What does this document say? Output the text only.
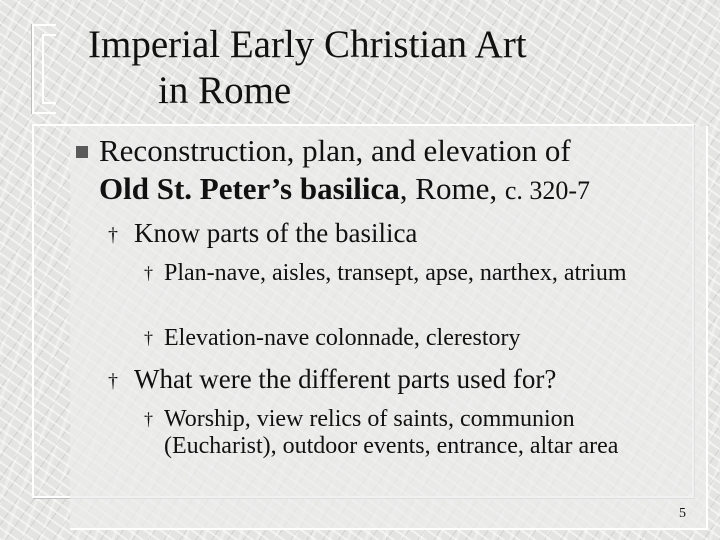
Imperial Early Christian Art
in Rome
Reconstruction, plan, and elevation of
Old St. Peter’s basilica, Rome, c. 320-7
† Know parts of the basilica
† Plan-nave, aisles, transept, apse, narthex, atrium
† Elevation-nave colonnade, clerestory
† What were the different parts used for?
† Worship, view relics of saints, communion (Eucharist), outdoor events, entrance, altar area
5
